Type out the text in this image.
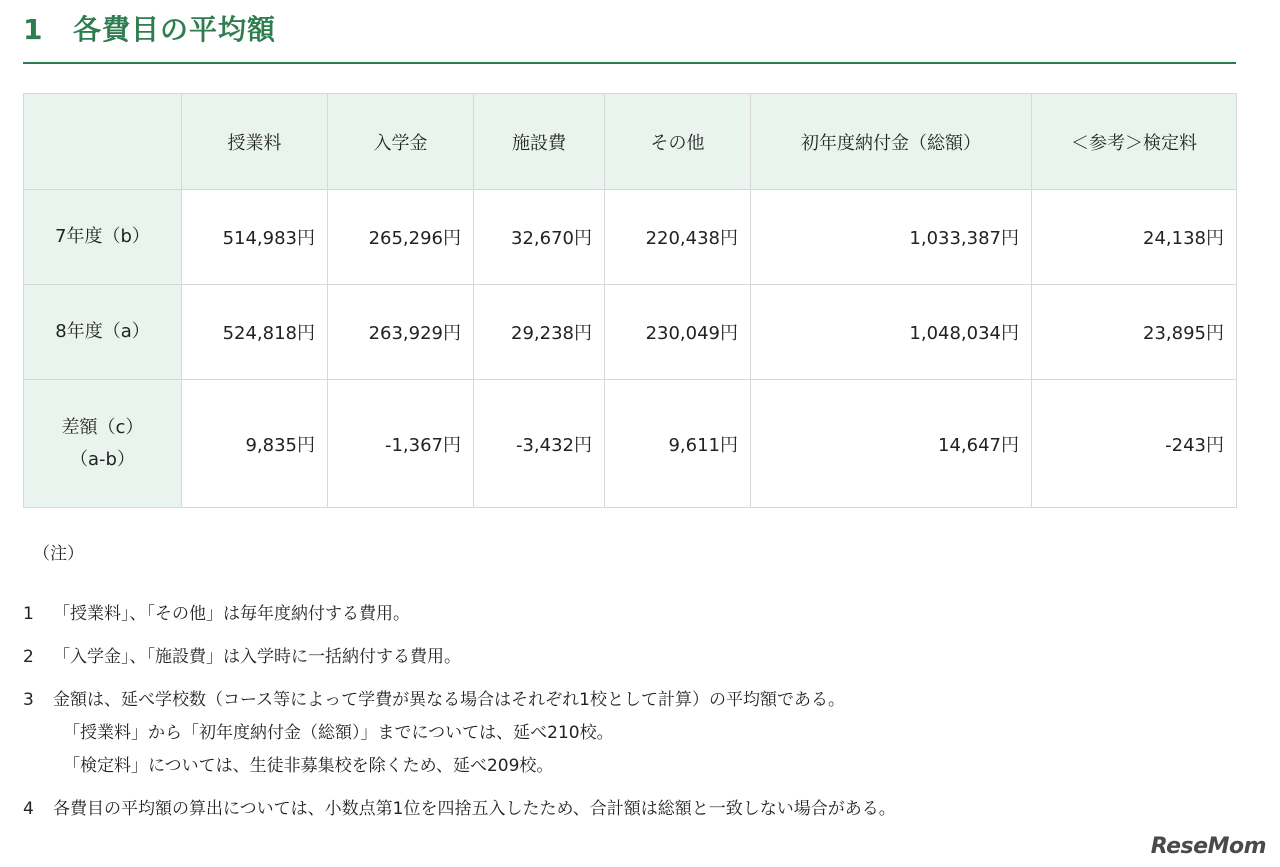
1 各費目の平均額
	授業料	入学金	施設費	その他	初年度納付金（総額）	＜参考＞検定料
7年度（b）	514,983円	265,296円	32,670円	220,438円	1,033,387円	24,138円
8年度（a）	524,818円	263,929円	29,238円	230,049円	1,048,034円	23,895円
差額（c）
（a-b）	9,835円	-1,367円	-3,432円	9,611円	14,647円	-243円
（注）
1	「授業料」、「その他」は毎年度納付する費用。
2	「入学金」、「施設費」は入学時に一括納付する費用。
3	金額は、延べ学校数（コース等によって学費が異なる場合はそれぞれ1校として計算）の平均額である。
「授業料」から「初年度納付金（総額）」までについては、延べ210校。
「検定料」については、生徒非募集校を除くため、延べ209校。
4	各費目の平均額の算出については、小数点第1位を四捨五入したため、合計額は総額と一致しない場合がある。
ReseMom
